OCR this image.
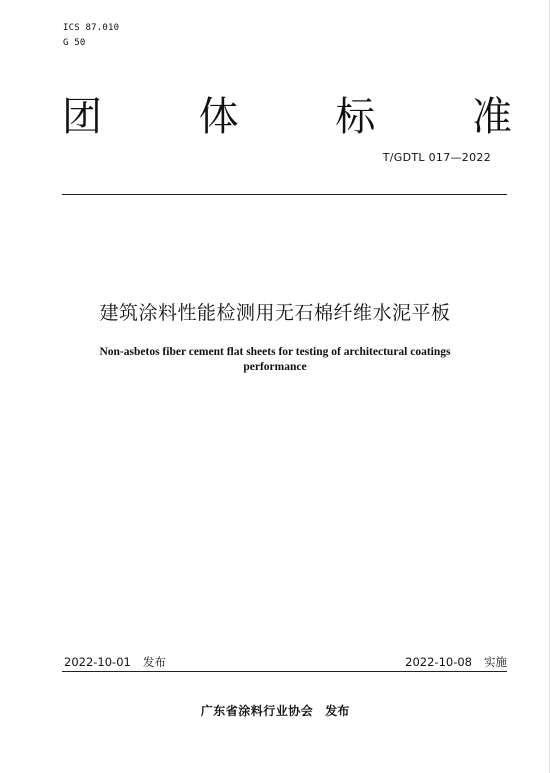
ICS 87.010
G 50
团 体 标 准
T/GDTL 017—2022
建筑涂料性能检测用无石棉纤维水泥平板
Non-asbetos fiber cement flat sheets for testing of architectural coatings
performance
2022-10-01 发布	2022-10-08 实施
广东省涂料行业协会 发布
